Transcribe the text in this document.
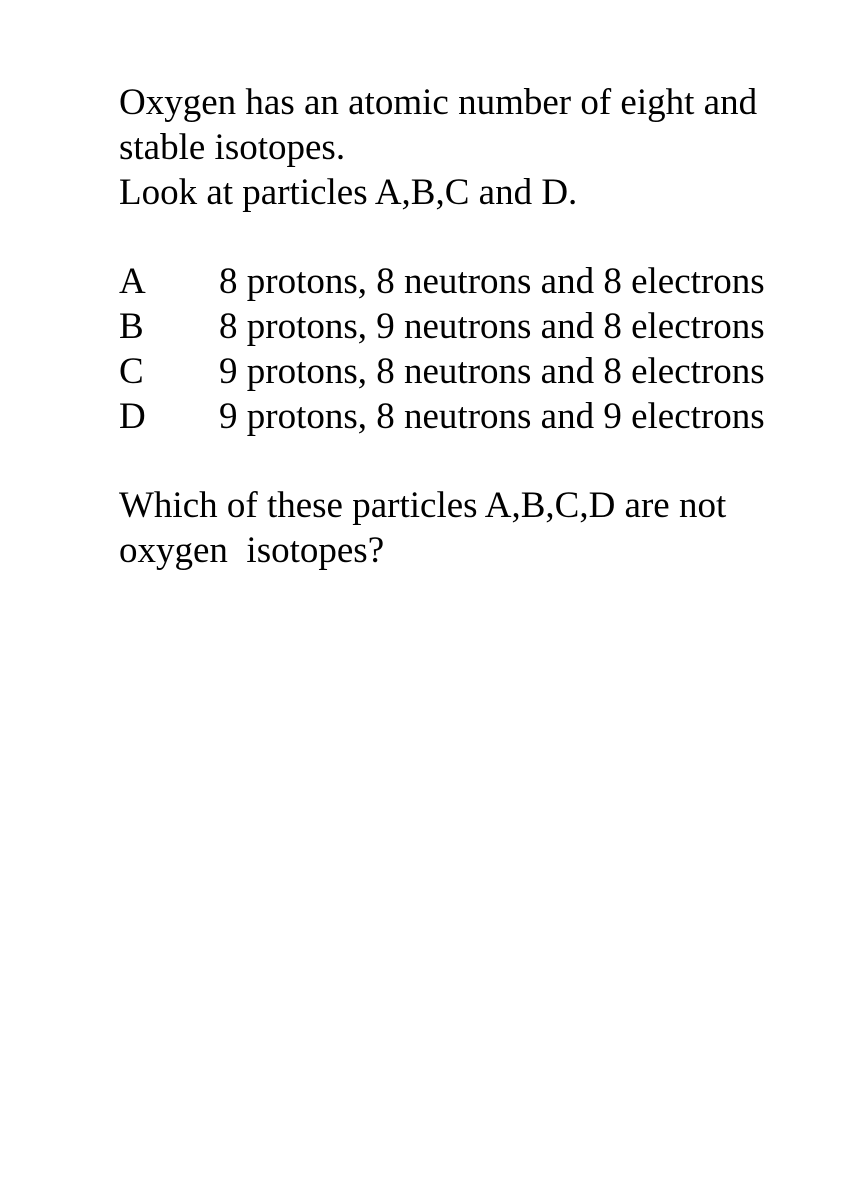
Oxygen has an atomic number of eight and
stable isotopes.
Look at particles A,B,C and D.
A	8 protons, 8 neutrons and 8 electrons
B	8 protons, 9 neutrons and 8 electrons
C	9 protons, 8 neutrons and 8 electrons
D	9 protons, 8 neutrons and 9 electrons
Which of these particles A,B,C,D are not
oxygen  isotopes?
